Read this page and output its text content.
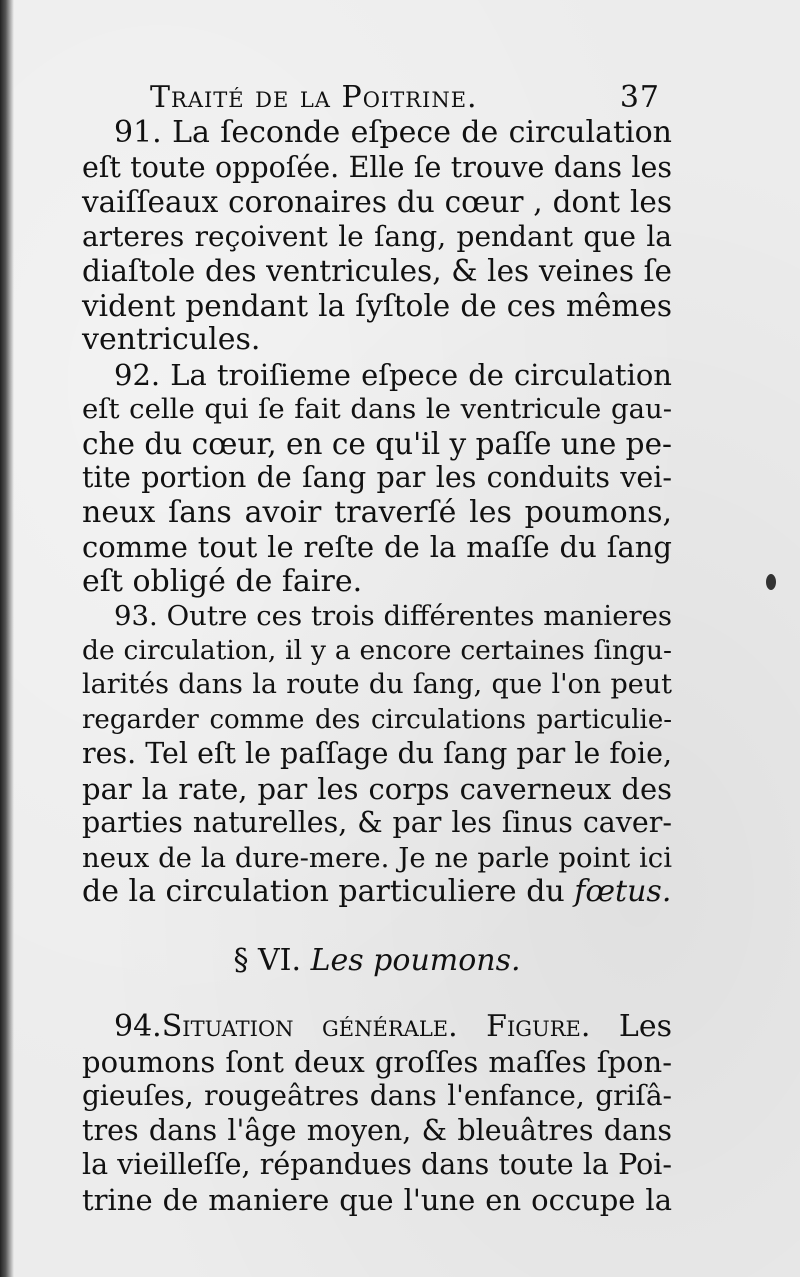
Traité de la Poitrine.	37
91. La ſeconde eſpece de circulation
eſt toute oppoſée. Elle ſe trouve dans les
vaiſſeaux coronaires du cœur , dont les
arteres reçoivent le ſang, pendant que la
diaſtole des ventricules, & les veines ſe
vident pendant la ſyſtole de ces mêmes
ventricules.
92. La troiſieme eſpece de circulation
eſt celle qui ſe fait dans le ventricule gau-
che du cœur, en ce qu'il y paſſe une pe-
tite portion de ſang par les conduits vei-
neux ſans avoir traverſé les poumons,
comme tout le reſte de la maſſe du ſang
eſt obligé de faire.
93. Outre ces trois différentes manieres
de circulation, il y a encore certaines ſingu-
larités dans la route du ſang, que l'on peut
regarder comme des circulations particulie-
res. Tel eſt le paſſage du ſang par le foie,
par la rate, par les corps caverneux des
parties naturelles, & par les ſinus caver-
neux de la dure-mere. Je ne parle point ici
de la circulation particuliere du fœtus.
§ VI. Les poumons.
94.Situation générale. Figure. Les
poumons ſont deux groſſes maſſes ſpon-
gieuſes, rougeâtres dans l'enfance, griſâ-
tres dans l'âge moyen, & bleuâtres dans
la vieilleſſe, répandues dans toute la Poi-
trine de maniere que l'une en occupe la
